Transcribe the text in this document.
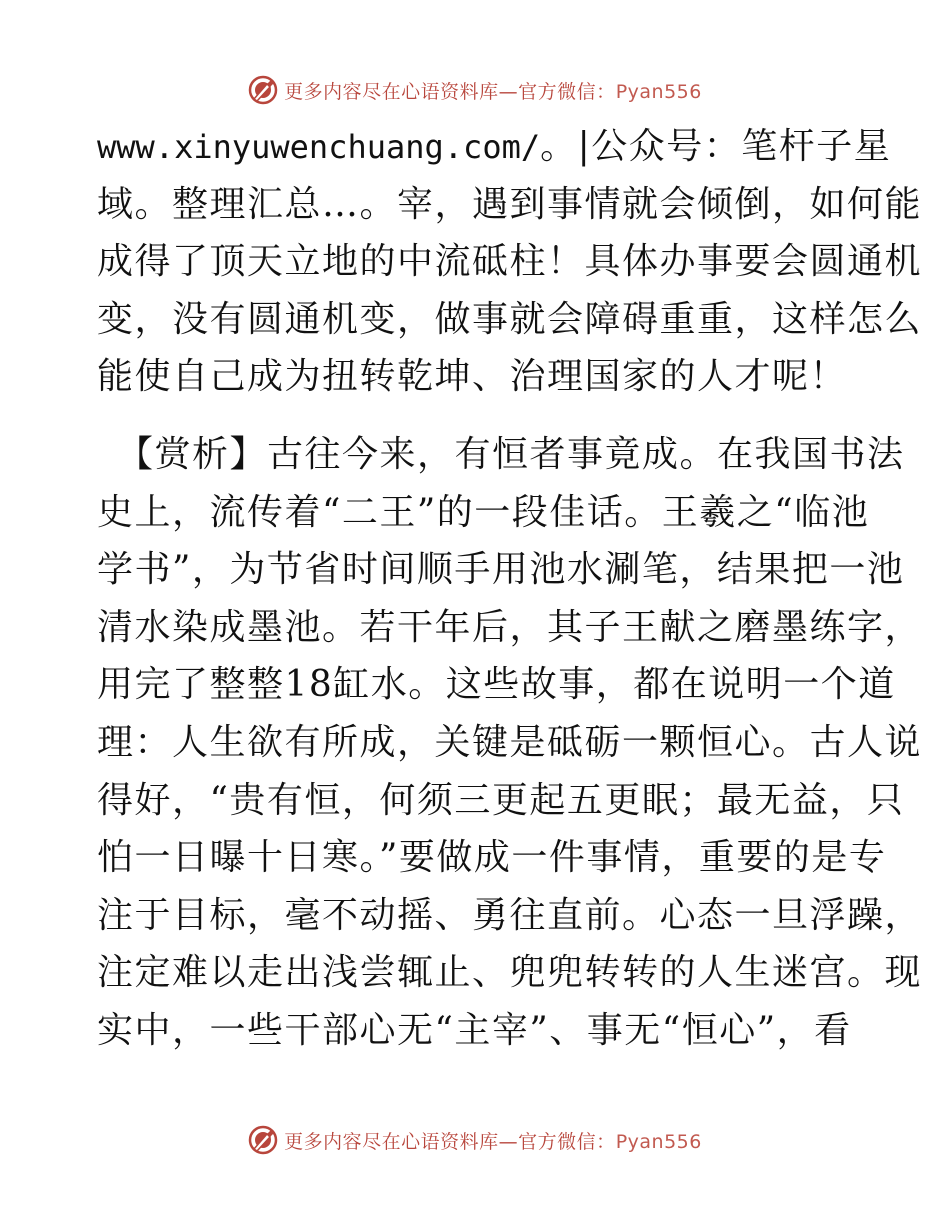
更多内容尽在心语资料库—官方微信：Pyan556
www.xinyuwenchuang.com/。|公众号：笔杆子星
域。整理汇总…。宰，遇到事情就会倾倒，如何能
成得了顶天立地的中流砥柱！具体办事要会圆通机
变，没有圆通机变，做事就会障碍重重，这样怎么
能使自己成为扭转乾坤、治理国家的人才呢！
【赏析】古往今来，有恒者事竟成。在我国书法
史上，流传着“二王”的一段佳话。王羲之“临池
学书”，为节省时间顺手用池水涮笔，结果把一池
清水染成墨池。若干年后，其子王献之磨墨练字，
用完了整整18缸水。这些故事，都在说明一个道
理：人生欲有所成，关键是砥砺一颗恒心。古人说
得好，“贵有恒，何须三更起五更眠；最无益，只
怕一日曝十日寒。”要做成一件事情，重要的是专
注于目标，毫不动摇、勇往直前。心态一旦浮躁，
注定难以走出浅尝辄止、兜兜转转的人生迷宫。现
实中，一些干部心无“主宰”、事无“恒心”，看
更多内容尽在心语资料库—官方微信：Pyan556
